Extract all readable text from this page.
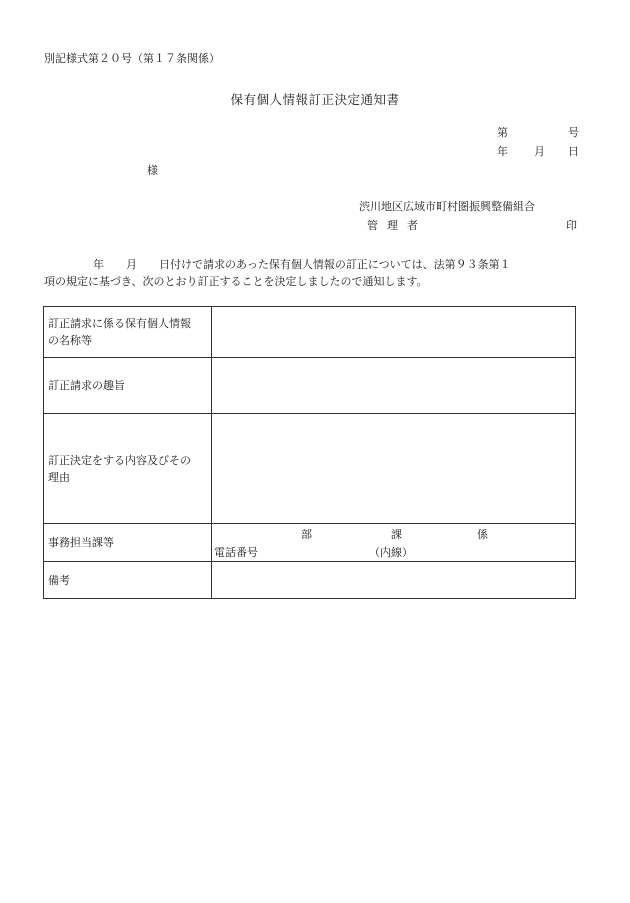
別記様式第２０号（第１７条関係）
保有個人情報訂正決定通知書
第	号
年 月 日
様
渋川地区広域市町村圏振興整備組合
管理者	印
年　　月　　日付けで請求のあった保有個人情報の訂正については、法第９３条第１
項の規定に基づき、次のとおり訂正することを決定しましたので通知します。
訂正請求に係る保有個人情報
の名称等	
訂正請求の趣旨	
訂正決定をする内容及びその
理由	
事務担当課等	部 課 係
電話番号 （内線）

備考	
